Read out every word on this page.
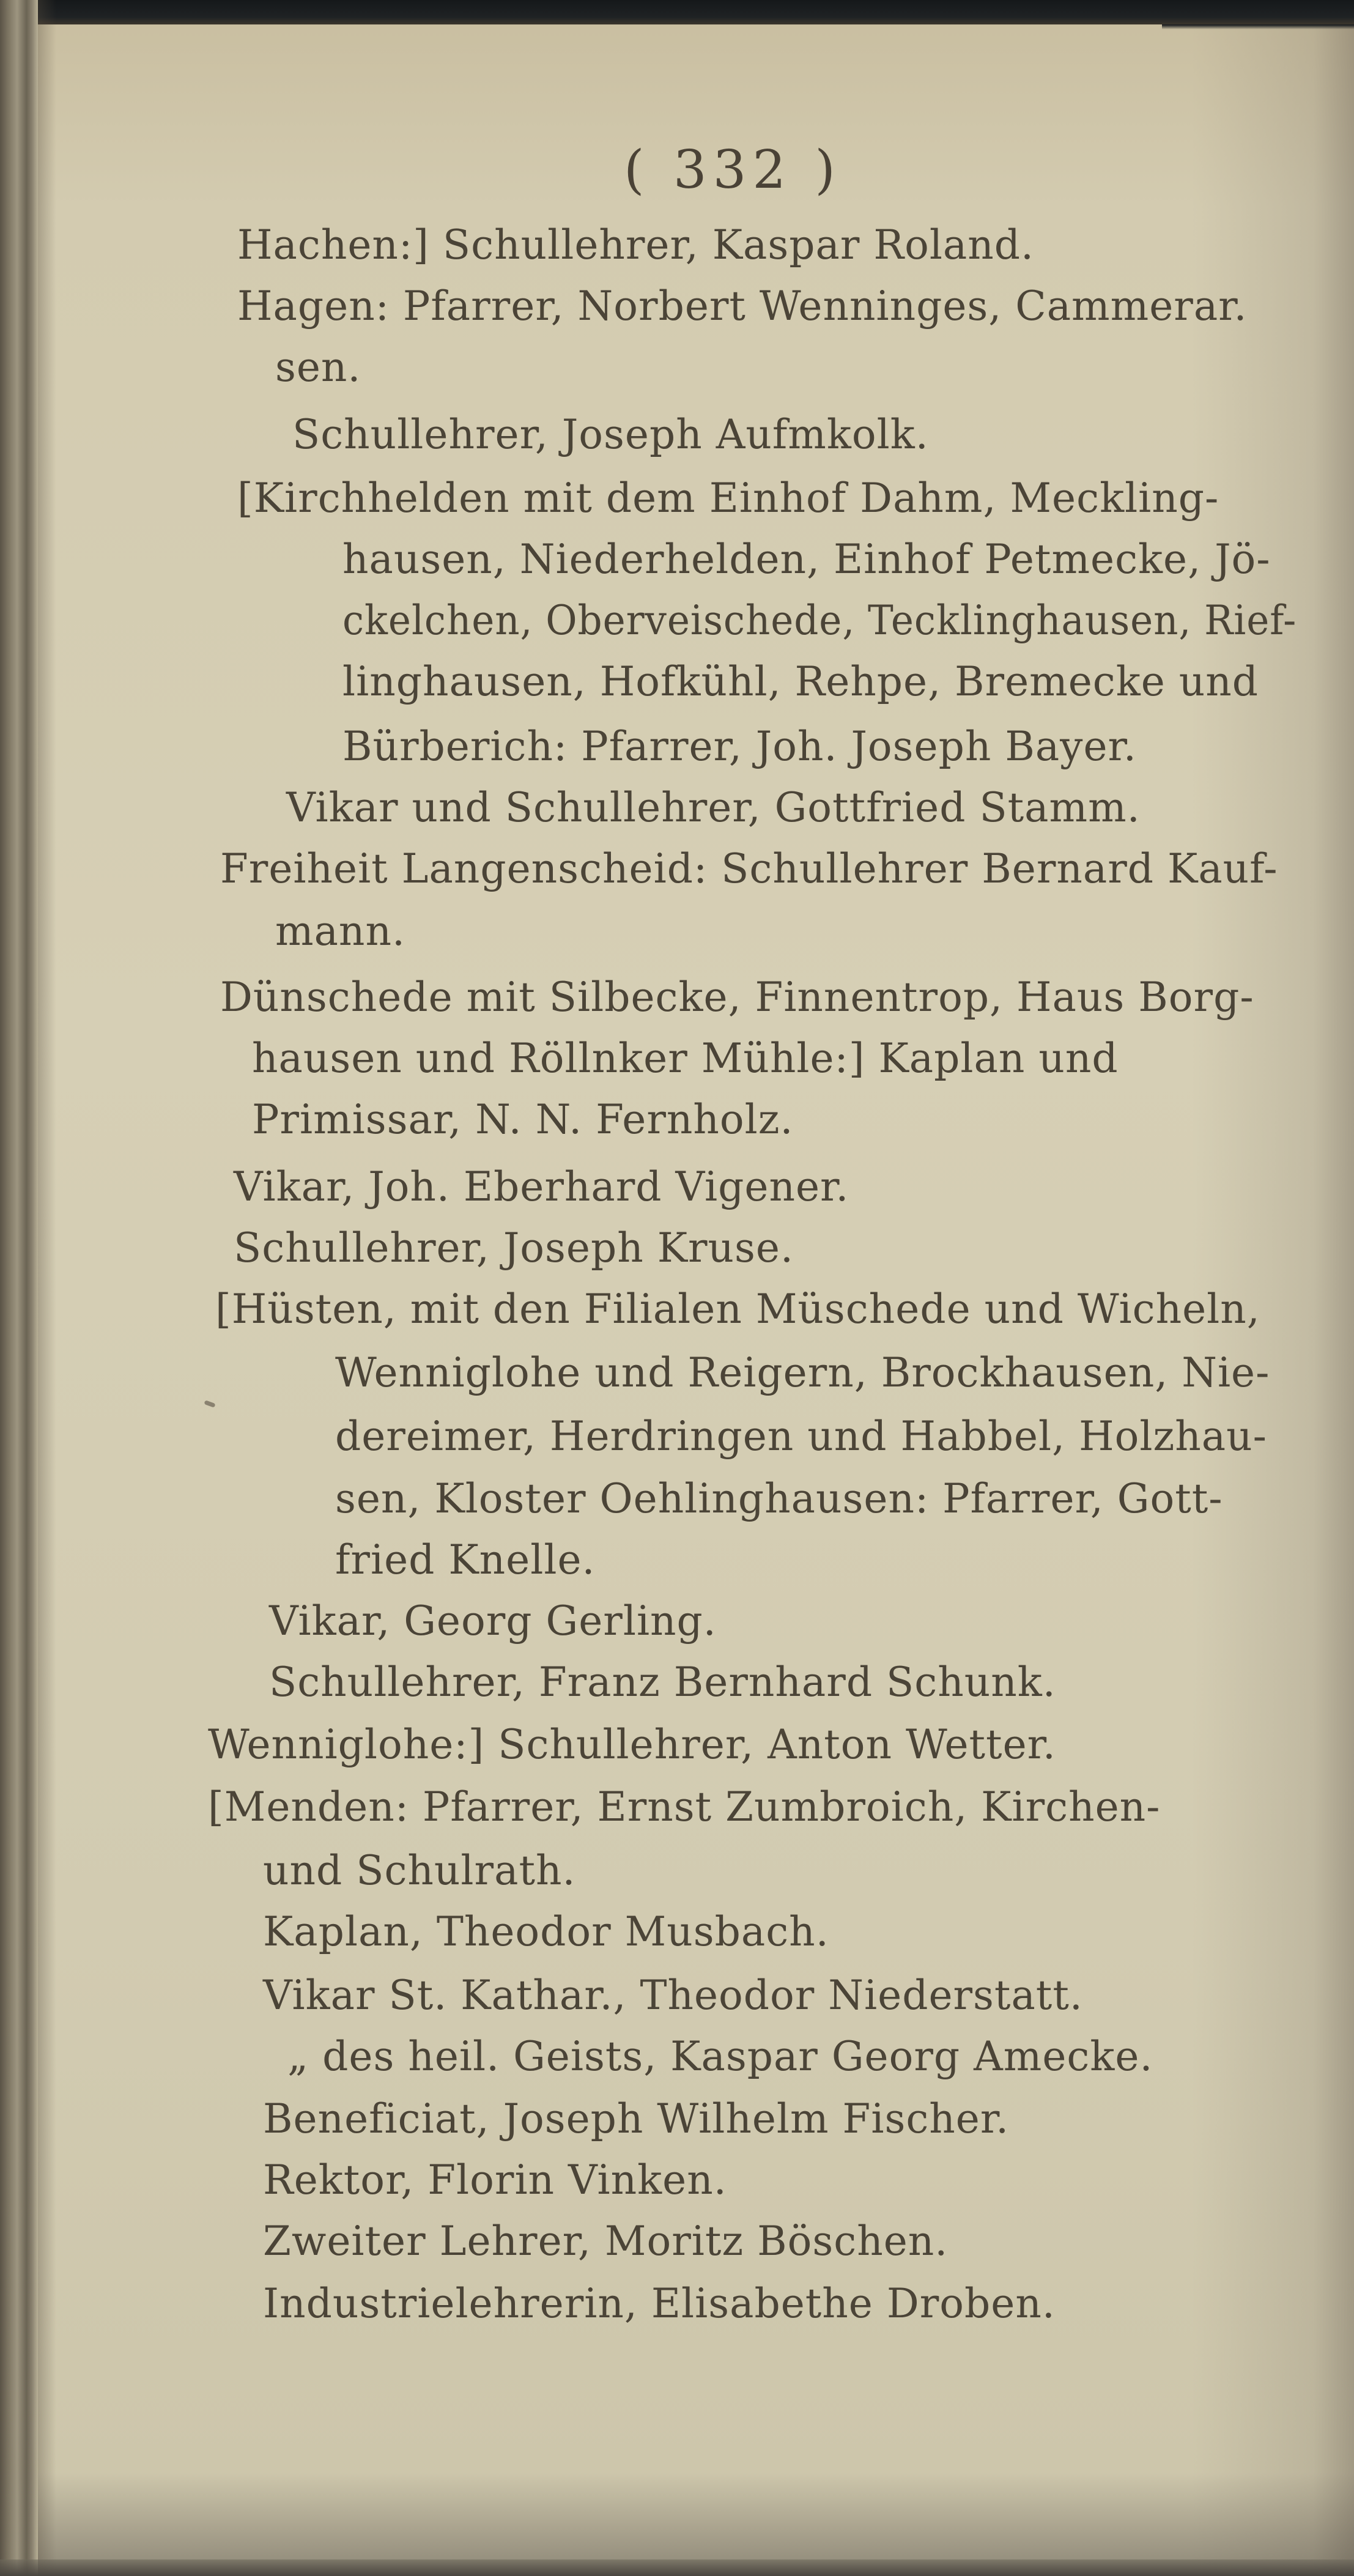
( 332 )
Hachen:] Schullehrer, Kaspar Roland.
Hagen: Pfarrer, Norbert Wenninges, Cammerar.
sen.
Schullehrer, Joseph Aufmkolk.
[Kirchhelden mit dem Einhof Dahm, Meckling-
hausen, Niederhelden, Einhof Petmecke, Jö-
ckelchen, Oberveischede, Tecklinghausen, Rief-
linghausen, Hofkühl, Rehpe, Bremecke und
Bürberich: Pfarrer, Joh. Joseph Bayer.
Vikar und Schullehrer, Gottfried Stamm.
Freiheit Langenscheid: Schullehrer Bernard Kauf-
mann.
Dünschede mit Silbecke, Finnentrop, Haus Borg-
hausen und Röllnker Mühle:] Kaplan und
Primissar, N. N. Fernholz.
Vikar, Joh. Eberhard Vigener.
Schullehrer, Joseph Kruse.
[Hüsten, mit den Filialen Müschede und Wicheln,
Wenniglohe und Reigern, Brockhausen, Nie-
dereimer, Herdringen und Habbel, Holzhau-
sen, Kloster Oehlinghausen: Pfarrer, Gott-
fried Knelle.
Vikar, Georg Gerling.
Schullehrer, Franz Bernhard Schunk.
Wenniglohe:] Schullehrer, Anton Wetter.
[Menden: Pfarrer, Ernst Zumbroich, Kirchen-
und Schulrath.
Kaplan, Theodor Musbach.
Vikar St. Kathar., Theodor Niederstatt.
„ des heil. Geists, Kaspar Georg Amecke.
Beneficiat, Joseph Wilhelm Fischer.
Rektor, Florin Vinken.
Zweiter Lehrer, Moritz Böschen.
Industrielehrerin, Elisabethe Droben.
